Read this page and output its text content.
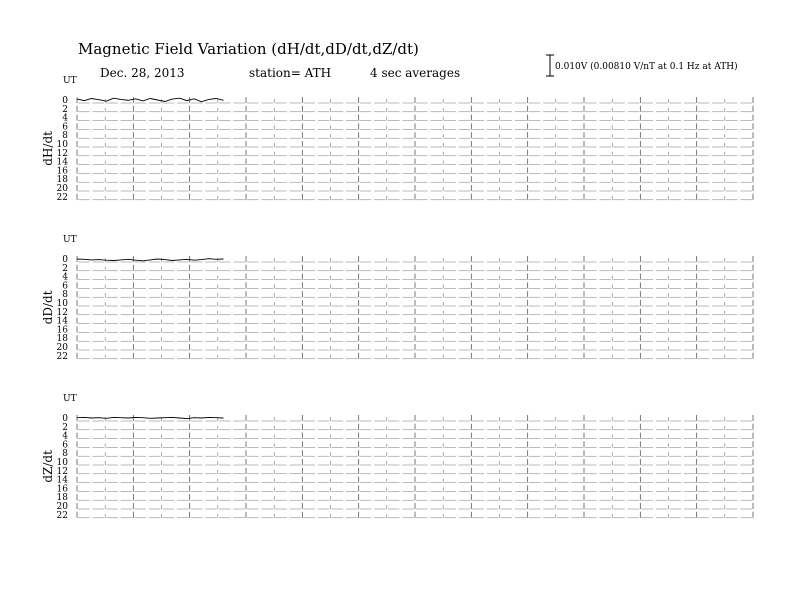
Magnetic Field Variation (dH/dt,dD/dt,dZ/dt)
Dec. 28, 2013	station= ATH	4 sec averages	0.010V (0.00810 V/nT at 0.1 Hz at ATH)
UT
dH/dt
0
2
4
6
8
10
12
14
16
18
20
22
UT
dD/dt
0
2
4
6
8
10
12
14
16
18
20
22
UT
dZ/dt
0
2
4
6
8
10
12
14
16
18
20
22
